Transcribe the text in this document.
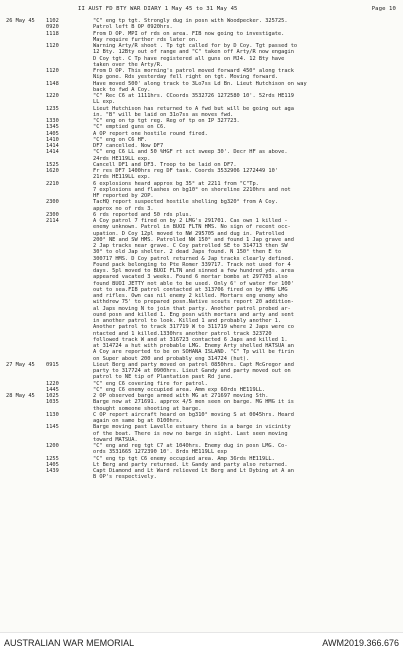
II AUST FD BTY WAR DIARY 1 May 45 to 31 May 45	Page 10
26 May 45 1102	"C" eng tp tgt. Strongly dug in posn with Woodpecker. 325725.
0920	Patrol left B OP 0920hrs.
1118	From D OP. MPI of rds on area. FIB now going to investigate.
May require further rds later on.
1120	Warning Arty/R shoot . Tp tgt called for by D Coy. Tgt passed to
12 Bty. 12Bty out of range and "C" taken off Arty/R now engagin
D Coy tgt. C Tp have registered all guns on MJ4. 12 Bty have
taken over the Arty/R.
1120	From D OP. This morning's patrol moved forward 450° along track
Nip gone. Rds yesterday fell right on tgt. Moving forward.
1148	Have moved 500' along track to 3Lo7ss Ld Bn. Lieut Hutchison on way
back to fwd A Coy.
1220	"C" Rec C6 at 1111hrs. CCoords 3532726 1272580 10'. 52rds HE119
LL exp.
1235	Lieut Hutchison has returned to A fwd but will be going out aga
in. "B" will be laid on 31o7ss as moves fwd.
1330	"C" eng on tp tgt reg. Reg of tp on IP 327723.
1345	"C" emptied guns on C6.
1405	A OP report one hostile round fired.
1410	"C" eng on C6 HF.
1414	DF7 cancelled. Now DF7
1414	"C" eng C6 LL and 50 %HGF rt sct sweep 30'. Decr HF as above.
24rds HE119LL exp.
1525	Cancell DF1 and DF3. Troop to be laid on DF7.
1620	Fr res DF7 1400hrs reg DF task. Coords 3532906 1272449 10'
21rds HE119LL exp.
2210	6 explosions heard approx bg 35° at 2211 from "C"Tp.
7 explosions and flashes on bg10° on shoreline 2210hrs and not
HF reported by 2OP.
2300	TacHQ report suspected hostile shelling bg320° from A Coy.
approx no of rds 3.
2300	6 rds reported and 50 rds plus.
2114	A Coy patrol 7 fired on by 2 LMG's 291701. Cas own 1 killed -
enemy unknown. Patrol in BUOI FLTN HMS. No sign of recent occ-
upation. D Coy 12pl moved to NW 295705 and dug in. Patrolled
200° NE and SW HMS. Patrolled NW 150° and found 1 Jap grave and
2 Jap tracks near grave. C Coy patrolled SE to 314713 then SW
30° to old Jap shelter. 2 dead Japs found. N 150° then E to
300717 HMS. D Coy patrol returned & Jap tracks clearly defined.
Found pack belonging to Pte Romer 339717. Track not used for 4
days. 5pl moved to BUOI FLTN and sinned a few hundred yds. area
appeared vacated 3 weeks. Found 6 mortar bombs at 297703 also
found BUOI JETTY not able to be used. Only 6' of water for 100'
out to sea.FIB patrol contacted at 313706 fired on by HMG LMG
and rifles. Own cas nil enemy 2 killed. Mortars eng enemy who
withdrew 75' to prepared posn.Native scouts report 20 addition-
al Japs moving N to join that party. Another patrol probed ar-
ound posn and killed 1. Eng posn with mortars and arty and sent
in another patrol to look. Killed 1 and probably another 1.
Another patrol to track 317719 W to 311719 where 2 Japs were co
ntacted and 1 killed.1330hrs another patrol track 323720
followed track W and at 316723 contacted 6 Japs and killed 1.
at 314724 a hut with probable LMG. Enemy Arty shelled HATSUA an
A Coy are reported to be on SOHANA ISLAND. "C" Tp will be firin
on Super about 200 and probably eng 314724 (hut).
27 May 45 0915	Lieut Berg and party moved on patrol 0850hrs. Capt McGregor and
party to 317724 at 0900hrs. Lieut Gandy and party moved out on
patrol to NE tip of Plantation past Rd june.
1220	"C" eng C6 covering fire for patrol.
1445	"C" eng C6 enemy occupied area. Amm exp 60rds HE119LL.
28 May 45 1025	2 OP observed barge armed with MG at 271697 moving Sth.
1035	Barge now at 271691. approx 4/5 men seen on barge. MG HMG it is
thought someone shooting at barge.
1130	C OP report aircraft heard on bg310° moving S at 0045hrs. Heard
again on same bg at 0100hrs.
1145	Barge moving past Lavelle estuary there is a barge in vicinity
of the boat. There is now no barge in sight. Last seen moving
toward MATSUA.
1200	"C" eng and reg tgt C7 at 1040hrs. Enemy dug in posn LMG. Co-
ords 3531665 1272390 10'. 8rds HE119LL exp
1255	"C" eng tp tgt C6 enemy occupied area. Amp 36rds HE119LL.
1405	Lt Berg and party returned. Lt Gandy and party also returned.
1439	Capt Diamond and Lt Ward relieved Lt Berg and Lt Dybing at A an
B OP's respectively.
AUSTRALIAN WAR MEMORIAL	AWM2019.366.676
